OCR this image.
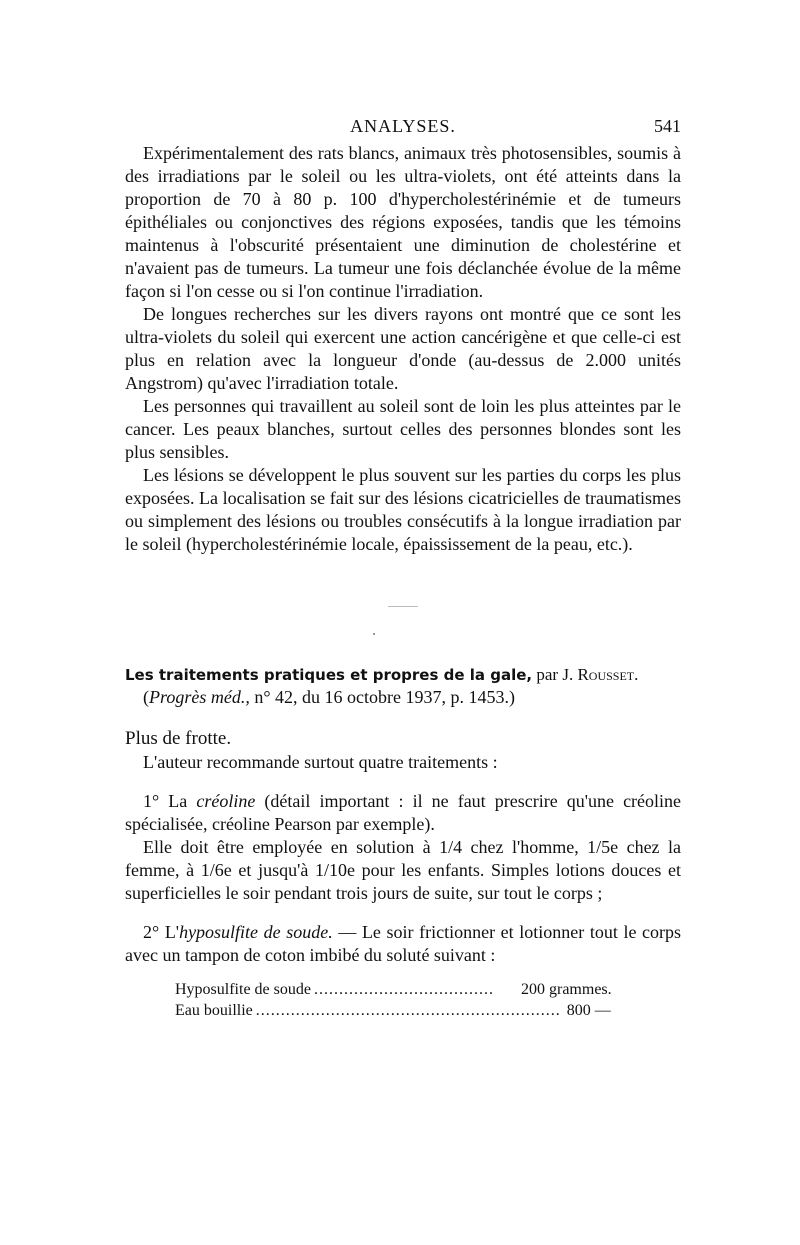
ANALYSES.	541

Expérimentalement des rats blancs, animaux très photosensibles, soumis à des irradiations par le soleil ou les ultra-violets, ont été atteints dans la proportion de 70 à 80 p. 100 d'hypercholestérinémie et de tumeurs épithéliales ou conjonctives des régions exposées, tandis que les témoins maintenus à l'obscurité présentaient une diminution de cholestérine et n'avaient pas de tumeurs. La tumeur une fois déclanchée évolue de la même façon si l'on cesse ou si l'on continue l'irradiation.

De longues recherches sur les divers rayons ont montré que ce sont les ultra-violets du soleil qui exercent une action cancérigène et que celle-ci est plus en relation avec la longueur d'onde (au-dessus de 2.000 unités Angstrom) qu'avec l'irradiation totale.

Les personnes qui travaillent au soleil sont de loin les plus atteintes par le cancer. Les peaux blanches, surtout celles des personnes blondes sont les plus sensibles.

Les lésions se développent le plus souvent sur les parties du corps les plus exposées. La localisation se fait sur des lésions cicatricielles de traumatismes ou simplement des lésions ou troubles consécutifs à la longue irradiation par le soleil (hypercholestérinémie locale, épaississement de la peau, etc.).

Les traitements pratiques et propres de la gale, par J. Rousset.
(Progrès méd., n° 42, du 16 octobre 1937, p. 1453.)

Plus de frotte.

L'auteur recommande surtout quatre traitements :

1° La créoline (détail important : il ne faut prescrire qu'une créoline spécialisée, créoline Pearson par exemple).

Elle doit être employée en solution à 1/4 chez l'homme, 1/5e chez la femme, à 1/6e et jusqu'à 1/10e pour les enfants. Simples lotions douces et superficielles le soir pendant trois jours de suite, sur tout le corps ;

2° L'hyposulfite de soude. — Le soir frictionner et lotionner tout le corps avec un tampon de coton imbibé du soluté suivant :

Hyposulfite de soude ....................................	200 grammes.
Eau bouillie ............................................................. 800 —
